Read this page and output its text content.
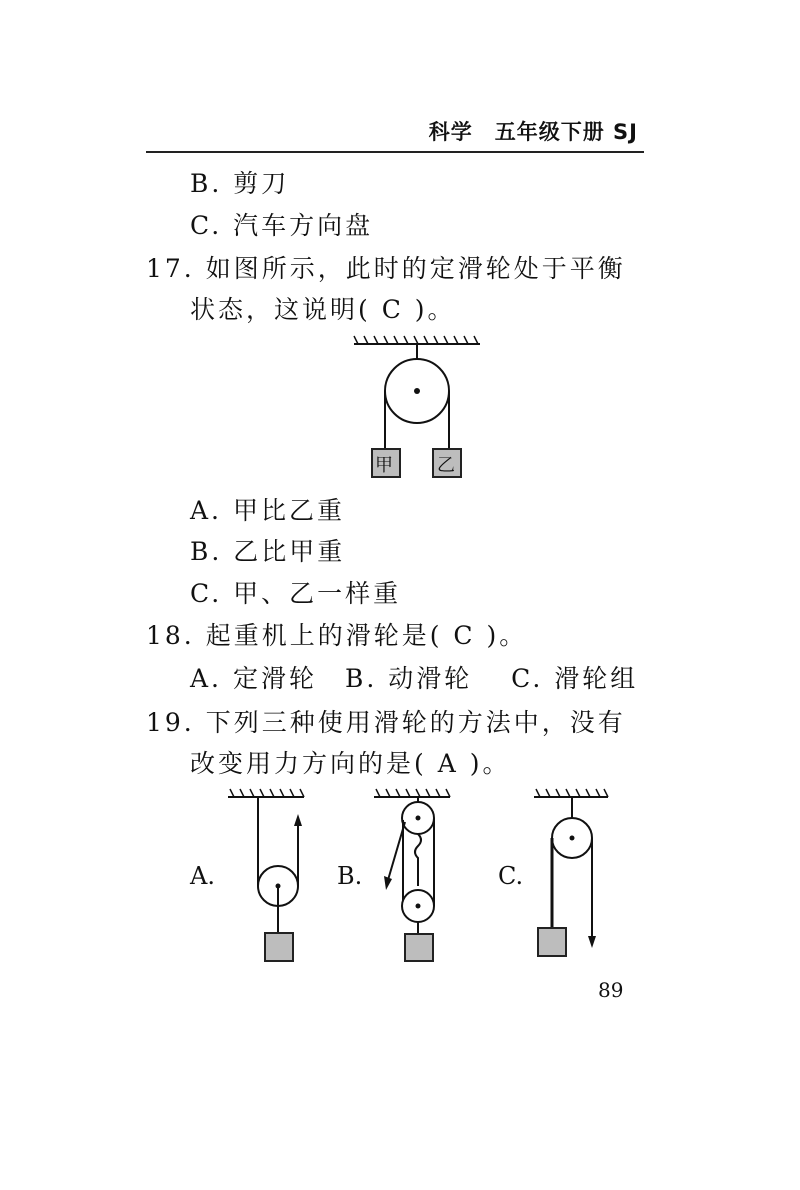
科学　五年级下册 SJ
B. 剪刀
C. 汽车方向盘
17. 如图所示，此时的定滑轮处于平衡
状态，这说明( C )。
甲 乙
A. 甲比乙重
B. 乙比甲重
C. 甲、乙一样重
18. 起重机上的滑轮是( C )。
A. 定滑轮　B. 动滑轮　 C. 滑轮组
19. 下列三种使用滑轮的方法中，没有
改变用力方向的是( A )。
A.	B.	C.
89
